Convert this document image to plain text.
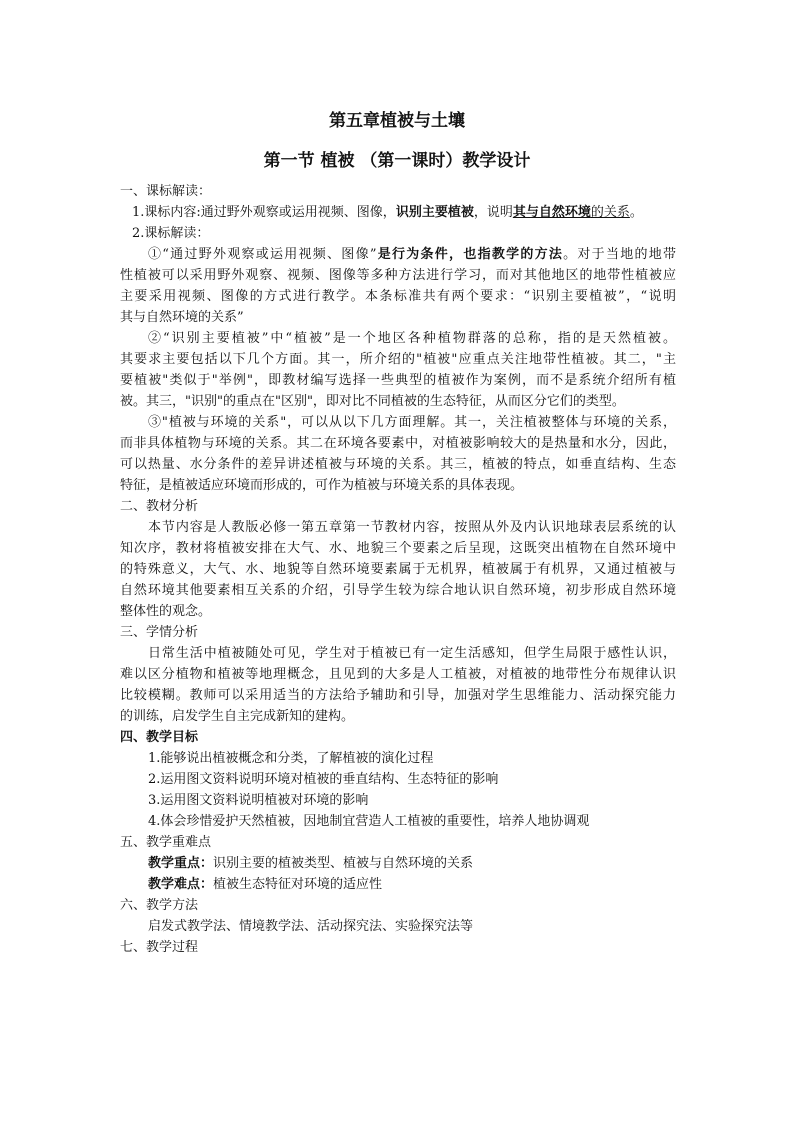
第五章植被与土壤
第一节 植被 （第一课时）教学设计
一、课标解读：
1.课标内容:通过野外观察或运用视频、图像，识别主要植被，说明其与自然环境的关系。
2.课标解读：
①“通过野外观察或运用视频、图像”是行为条件，也指教学的方法。对于当地的地带
性植被可以采用野外观察、视频、图像等多种方法进行学习，而对其他地区的地带性植被应
主要采用视频、图像的方式进行教学。本条标准共有两个要求：“识别主要植被”，“说明
其与自然环境的关系”
②“识别主要植被”中“植被”是一个地区各种植物群落的总称，指的是天然植被。
其要求主要包括以下几个方面。其一，所介绍的"植被"应重点关注地带性植被。其二，"主
要植被"类似于"举例"，即教材编写选择一些典型的植被作为案例，而不是系统介绍所有植
被。其三，"识别"的重点在"区别"，即对比不同植被的生态特征，从而区分它们的类型。
③"植被与环境的关系"，可以从以下几方面理解。其一，关注植被整体与环境的关系，
而非具体植物与环境的关系。其二在环境各要素中，对植被影响较大的是热量和水分，因此，
可以热量、水分条件的差异讲述植被与环境的关系。其三，植被的特点，如垂直结构、生态
特征，是植被适应环境而形成的，可作为植被与环境关系的具体表现。
二、教材分析
本节内容是人教版必修一第五章第一节教材内容，按照从外及内认识地球表层系统的认
知次序，教材将植被安排在大气、水、地貌三个要素之后呈现，这既突出植物在自然环境中
的特殊意义，大气、水、地貌等自然环境要素属于无机界，植被属于有机界，又通过植被与
自然环境其他要素相互关系的介绍，引导学生较为综合地认识自然环境，初步形成自然环境
整体性的观念。
三、学情分析
日常生活中植被随处可见，学生对于植被已有一定生活感知，但学生局限于感性认识，
难以区分植物和植被等地理概念，且见到的大多是人工植被，对植被的地带性分布规律认识
比较模糊。教师可以采用适当的方法给予辅助和引导，加强对学生思维能力、活动探究能力
的训练，启发学生自主完成新知的建构。
四、教学目标
1.能够说出植被概念和分类，了解植被的演化过程
2.运用图文资料说明环境对植被的垂直结构、生态特征的影响
3.运用图文资料说明植被对环境的影响
4.体会珍惜爱护天然植被，因地制宜营造人工植被的重要性，培养人地协调观
五、教学重难点
教学重点：识别主要的植被类型、植被与自然环境的关系
教学难点：植被生态特征对环境的适应性
六、教学方法
启发式教学法、情境教学法、活动探究法、实验探究法等
七、教学过程
